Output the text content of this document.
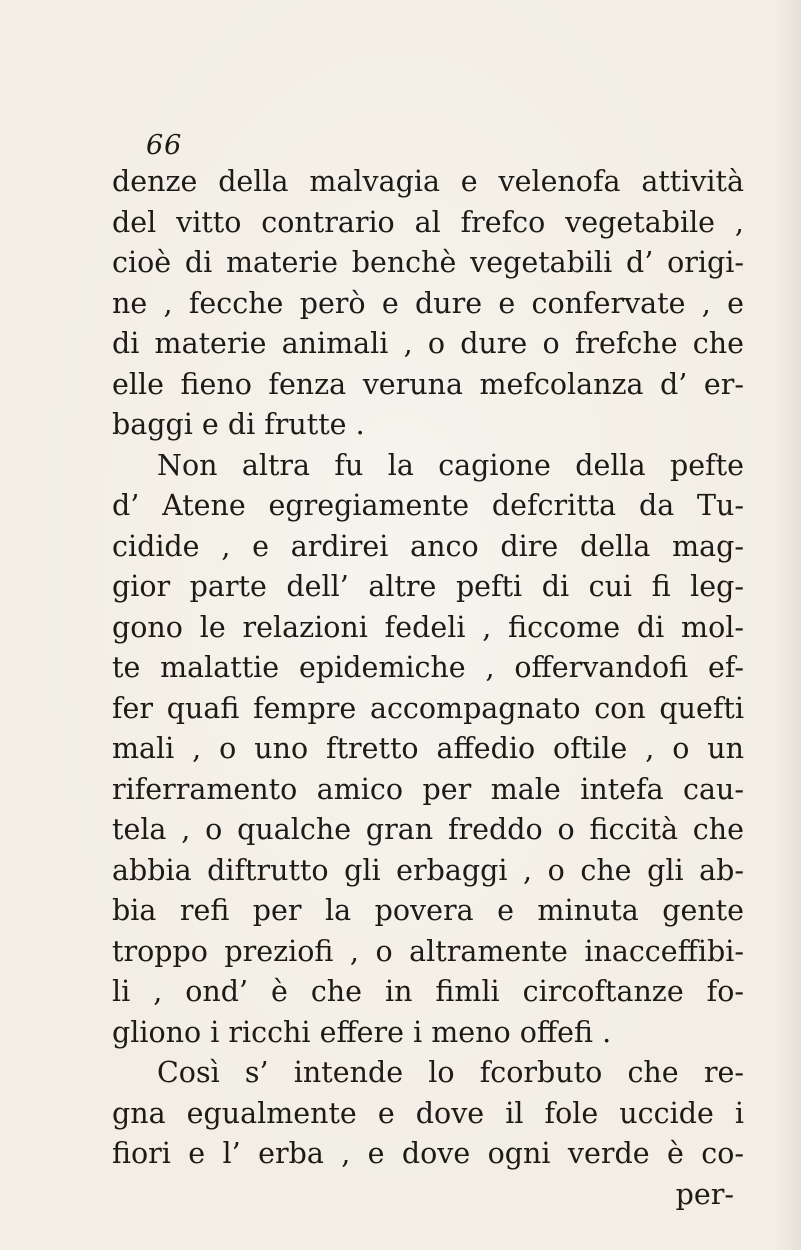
66
denze della malvagia e velenofa attività
del vitto contrario al frefco vegetabile ,
cioè di materie benchè vegetabili d’ origi-
ne , fecche però e dure e confervate , e
di materie animali , o dure o frefche che
elle fieno fenza veruna mefcolanza d’ er-
baggi e di frutte .
Non altra fu la cagione della pefte
d’ Atene egregiamente defcritta da Tu-
cidide , e ardirei anco dire della mag-
gior parte dell’ altre pefti di cui fi leg-
gono le relazioni fedeli , ficcome di mol-
te malattie epidemiche , offervandofi ef-
fer quafi fempre accompagnato con quefti
mali , o uno ftretto affedio oftile , o un
riferramento amico per male intefa cau-
tela , o qualche gran freddo o ficcità che
abbia diftrutto gli erbaggi , o che gli ab-
bia refi per la povera e minuta gente
troppo preziofi , o altramente inacceffibi-
li , ond’ è che in fimli circoftanze fo-
gliono i ricchi effere i meno offefi .
Così s’ intende lo fcorbuto che re-
gna egualmente e dove il fole uccide i
fiori e l’ erba , e dove ogni verde è co-
per-
